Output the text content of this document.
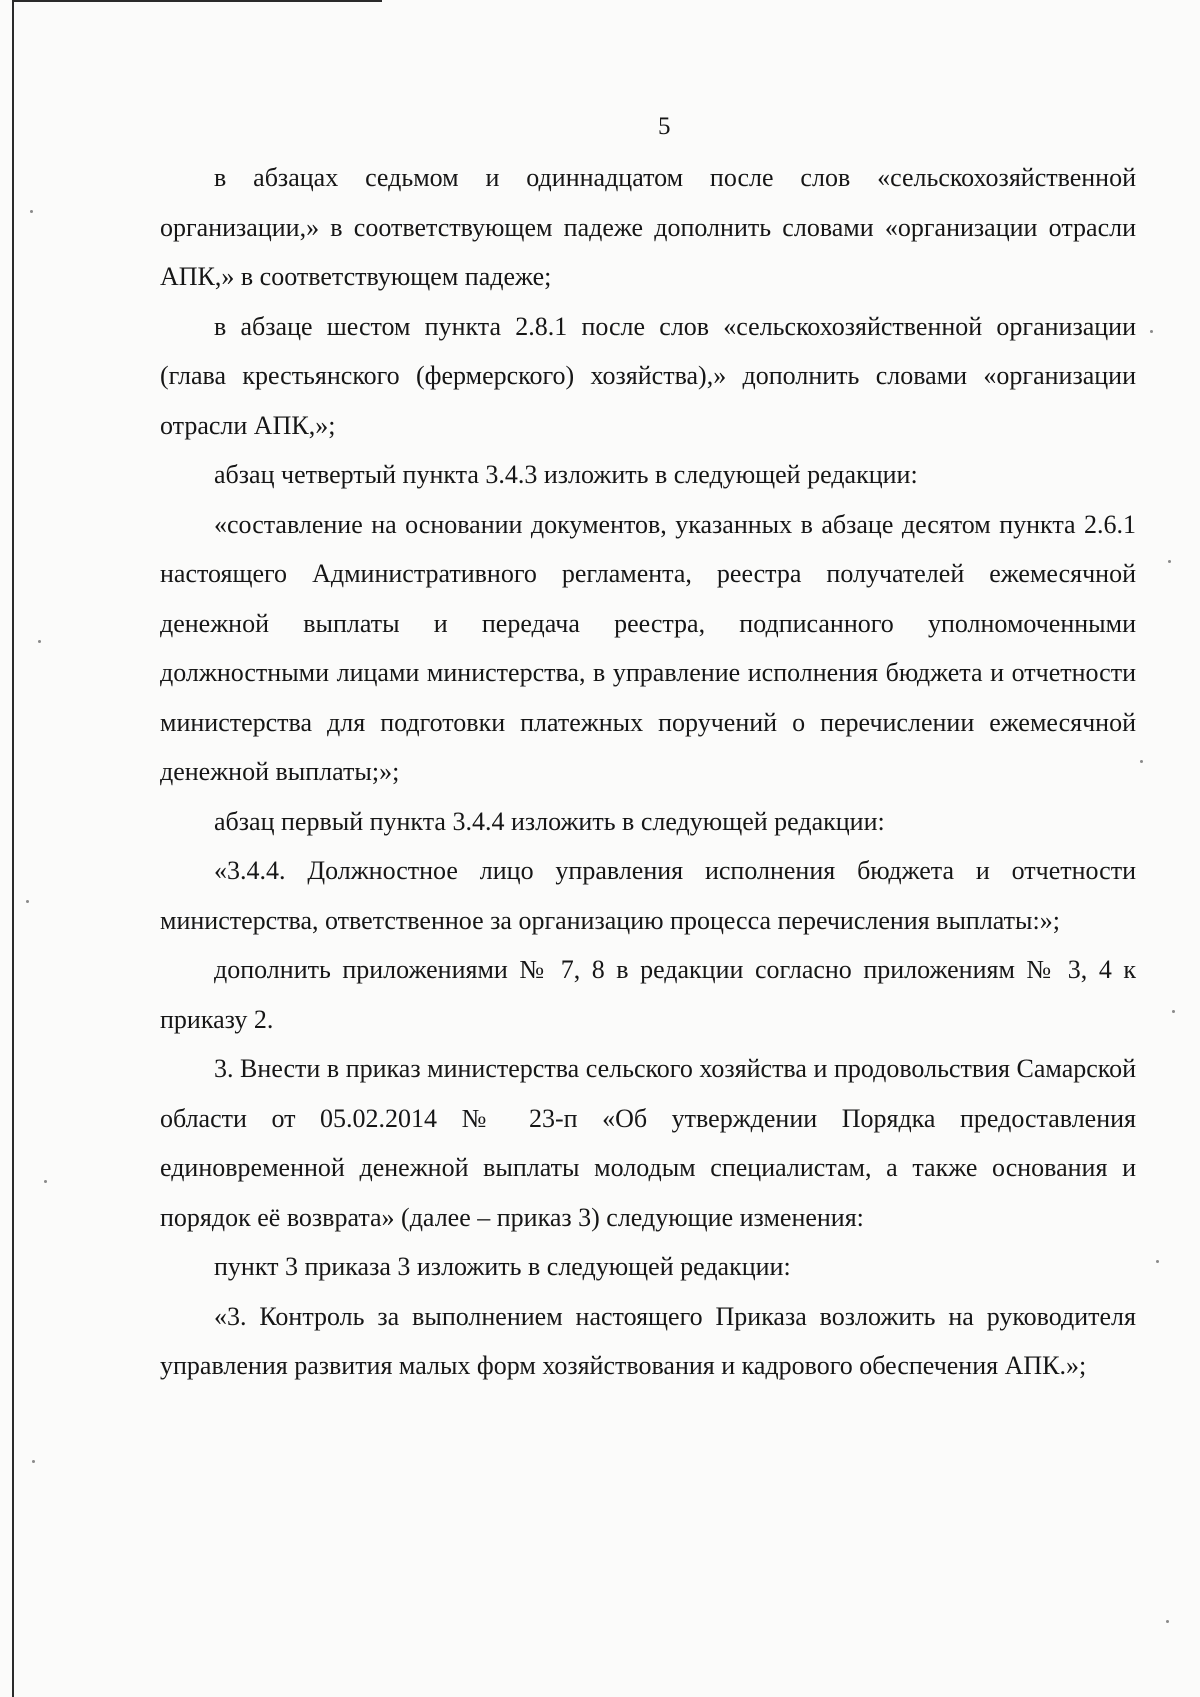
5

в абзацах седьмом и одиннадцатом после слов «сельскохозяйственной организации,» в соответствующем падеже дополнить словами «организации отрасли АПК,» в соответствующем падеже;

в абзаце шестом пункта 2.8.1 после слов «сельскохозяйственной организации (глава крестьянского (фермерского) хозяйства),» дополнить словами «организации отрасли АПК,»;

абзац четвертый пункта 3.4.3 изложить в следующей редакции:

«составление на основании документов, указанных в абзаце десятом пункта 2.6.1 настоящего Административного регламента, реестра получателей ежемесячной денежной выплаты и передача реестра, подписанного уполномоченными должностными лицами министерства, в управление исполнения бюджета и отчетности министерства для подготовки платежных поручений о перечислении ежемесячной денежной выплаты;»;

абзац первый пункта 3.4.4 изложить в следующей редакции:

«3.4.4. Должностное лицо управления исполнения бюджета и отчетности министерства, ответственное за организацию процесса перечисления выплаты:»;

дополнить приложениями № 7, 8 в редакции согласно приложениям № 3, 4 к приказу 2.

3. Внести в приказ министерства сельского хозяйства и продовольствия Самарской области от 05.02.2014 № 23-п «Об утверждении Порядка предоставления единовременной денежной выплаты молодым специалистам, а также основания и порядок её возврата» (далее – приказ 3) следующие изменения:

пункт 3 приказа 3 изложить в следующей редакции:

«3. Контроль за выполнением настоящего Приказа возложить на руководителя управления развития малых форм хозяйствования и кадрового обеспечения АПК.»;
